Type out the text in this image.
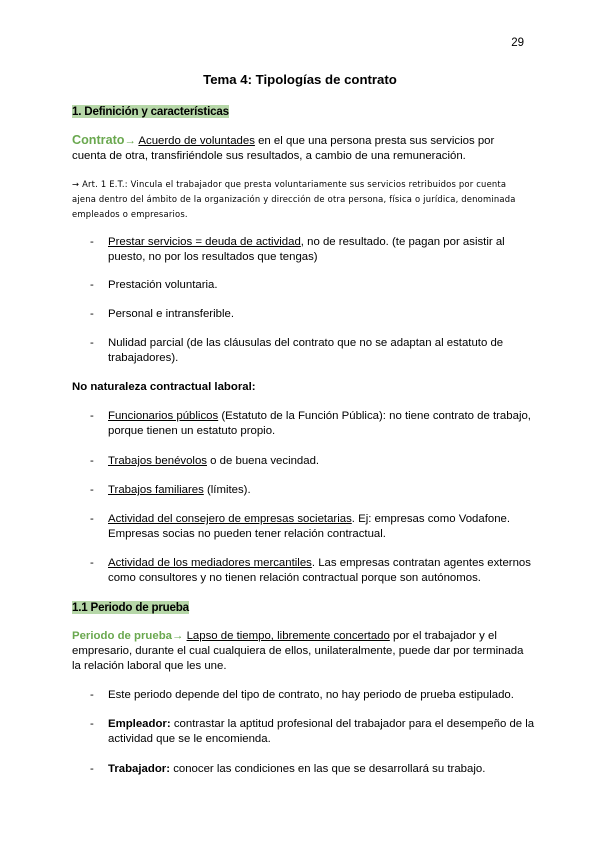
29
Tema 4: Tipologías de contrato
1. Definición y características
Contrato→ Acuerdo de voluntades en el que una persona presta sus servicios por cuenta de otra, transfiriéndole sus resultados, a cambio de una remuneración.
→ Art. 1 E.T.: Vincula el trabajador que presta voluntariamente sus servicios retribuidos por cuenta ajena dentro del ámbito de la organización y dirección de otra persona, física o jurídica, denominada empleados o empresarios.
- Prestar servicios = deuda de actividad, no de resultado. (te pagan por asistir al puesto, no por los resultados que tengas)
- Prestación voluntaria.
- Personal e intransferible.
- Nulidad parcial (de las cláusulas del contrato que no se adaptan al estatuto de trabajadores).
No naturaleza contractual laboral:
- Funcionarios públicos (Estatuto de la Función Pública): no tiene contrato de trabajo, porque tienen un estatuto propio.
- Trabajos benévolos o de buena vecindad.
- Trabajos familiares (límites).
- Actividad del consejero de empresas societarias. Ej: empresas como Vodafone. Empresas socias no pueden tener relación contractual.
- Actividad de los mediadores mercantiles. Las empresas contratan agentes externos como consultores y no tienen relación contractual porque son autónomos.
1.1 Periodo de prueba
Periodo de prueba→ Lapso de tiempo, libremente concertado por el trabajador y el empresario, durante el cual cualquiera de ellos, unilateralmente, puede dar por terminada la relación laboral que les une.
- Este periodo depende del tipo de contrato, no hay periodo de prueba estipulado.
- Empleador: contrastar la aptitud profesional del trabajador para el desempeño de la actividad que se le encomienda.
- Trabajador: conocer las condiciones en las que se desarrollará su trabajo.
